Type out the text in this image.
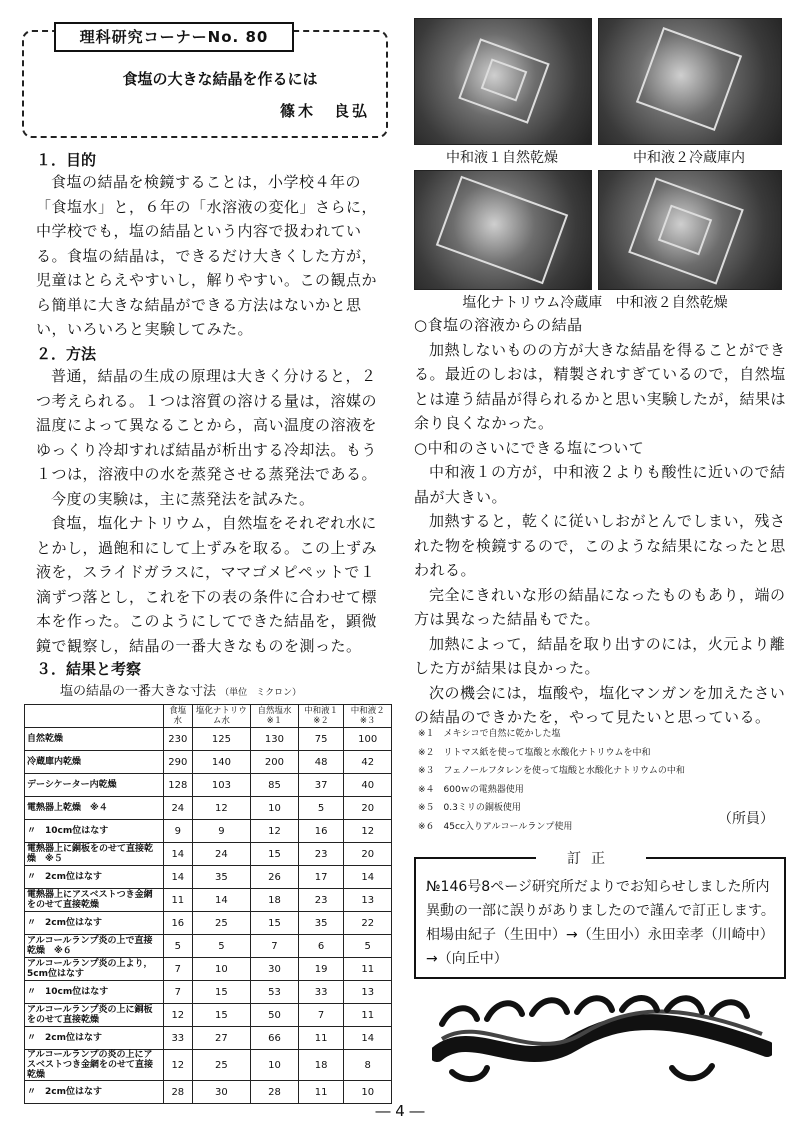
理科研究コーナーNo. 80
食塩の大きな結晶を作るには
篠木　良弘
１．目的

食塩の結晶を検鏡することは，小学校４年の「食塩水」と，６年の「水溶液の変化」さらに，中学校でも，塩の結晶という内容で扱われている。食塩の結晶は，できるだけ大きくした方が，児童はとらえやすいし，解りやすい。この観点から簡単に大きな結晶ができる方法はないかと思い，いろいろと実験してみた。

２．方法

普通，結晶の生成の原理は大きく分けると，２つ考えられる。１つは溶質の溶ける量は，溶媒の温度によって異なることから，高い温度の溶液をゆっくり冷却すれば結晶が析出する冷却法。もう１つは，溶液中の水を蒸発させる蒸発法である。

今度の実験は，主に蒸発法を試みた。

食塩，塩化ナトリウム，自然塩をそれぞれ水にとかし，過飽和にして上ずみを取る。この上ずみ液を，スライドガラスに，ママゴメピペットで１滴ずつ落とし，これを下の表の条件に合わせて標本を作った。このようにしてできた結晶を，顕微鏡で観察し，結晶の一番大きなものを測った。

３．結果と考察
塩の結晶の一番大きな寸法 （単位　ミクロン）
	食塩水	塩化ナトリウム水	自然塩水 ※１	中和液１ ※２	中和液２ ※３
自然乾燥	230	125	130	75	100
冷蔵庫内乾燥	290	140	200	48	42
デーシケーター内乾燥	128	103	85	37	40
電熱器上乾燥　※４	24	12	10	5	20
〃　10cm位はなす	9	9	12	16	12
電熱器上に銅板をのせて直接乾燥　※５	14	24	15	23	20
〃　2cm位はなす	14	35	26	17	14
電熱器上にアスベストつき金網をのせて直接乾燥	11	14	18	23	13
〃　2cm位はなす	16	25	15	35	22
アルコールランプ炎の上で直接乾燥　※６	5	5	7	6	5
アルコールランプ炎の上より，5cm位はなす	7	10	30	19	11
〃　10cm位はなす	7	15	53	33	13
アルコールランプ炎の上に銅板をのせて直接乾燥	12	15	50	7	11
〃　2cm位はなす	33	27	66	11	14
アルコールランプの炎の上にアスベストつき金網をのせて直接乾燥	12	25	10	18	8
〃　2cm位はなす	28	30	28	11	10
中和液１自然乾燥	中和液２冷蔵庫内
塩化ナトリウム冷蔵庫 中和液２自然乾燥
○食塩の溶液からの結晶

加熱しないものの方が大きな結晶を得ることができる。最近のしおは，精製されすぎているので，自然塩とは違う結晶が得られるかと思い実験したが，結果は余り良くなかった。

○中和のさいにできる塩について

中和液１の方が，中和液２よりも酸性に近いので結晶が大きい。

加熱すると，乾くに従いしおがとんでしまい，残された物を検鏡するので，このような結果になったと思われる。

完全にきれいな形の結晶になったものもあり，端の方は異なった結晶もでた。

加熱によって，結晶を取り出すのには，火元より離した方が結果は良かった。

次の機会には，塩酸や，塩化マンガンを加えたさいの結晶のできかたを，やって見たいと思っている。

※１　メキシコで自然に乾かした塩
※２　リトマス紙を使って塩酸と水酸化ナトリウムを中和
※３　フェノールフタレンを使って塩酸と水酸化ナトリウムの中和
※４　600ｗの電熱器使用
※５　0.3ミリの銅板使用
※６　45cc入りアルコールランプ使用	（所員）
№146号8ページ研究所だよりでお知らせしました所内異動の一部に誤りがありましたので謹んで訂正します。相場由紀子（生田中）→（生田小）永田幸孝（川崎中）→（向丘中）
訂正
― 4 ―
